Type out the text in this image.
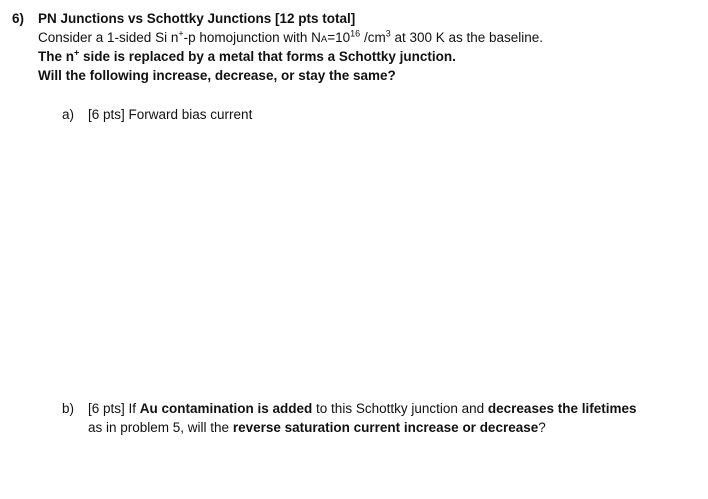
6) PN Junctions vs Schottky Junctions [12 pts total]
Consider a 1-sided Si n+-p homojunction with $NA=10^{16}$ $/cm^3$ at 300 K as the baseline.
The n+ side is replaced by a metal that forms a Schottky junction.
Will the following increase, decrease, or stay the same?
a) [6 pts] Forward bias current
b) [6 pts] If Au contamination is added to this Schottky junction and decreases the lifetimes
as in problem 5, will the reverse saturation current increase or decrease?
